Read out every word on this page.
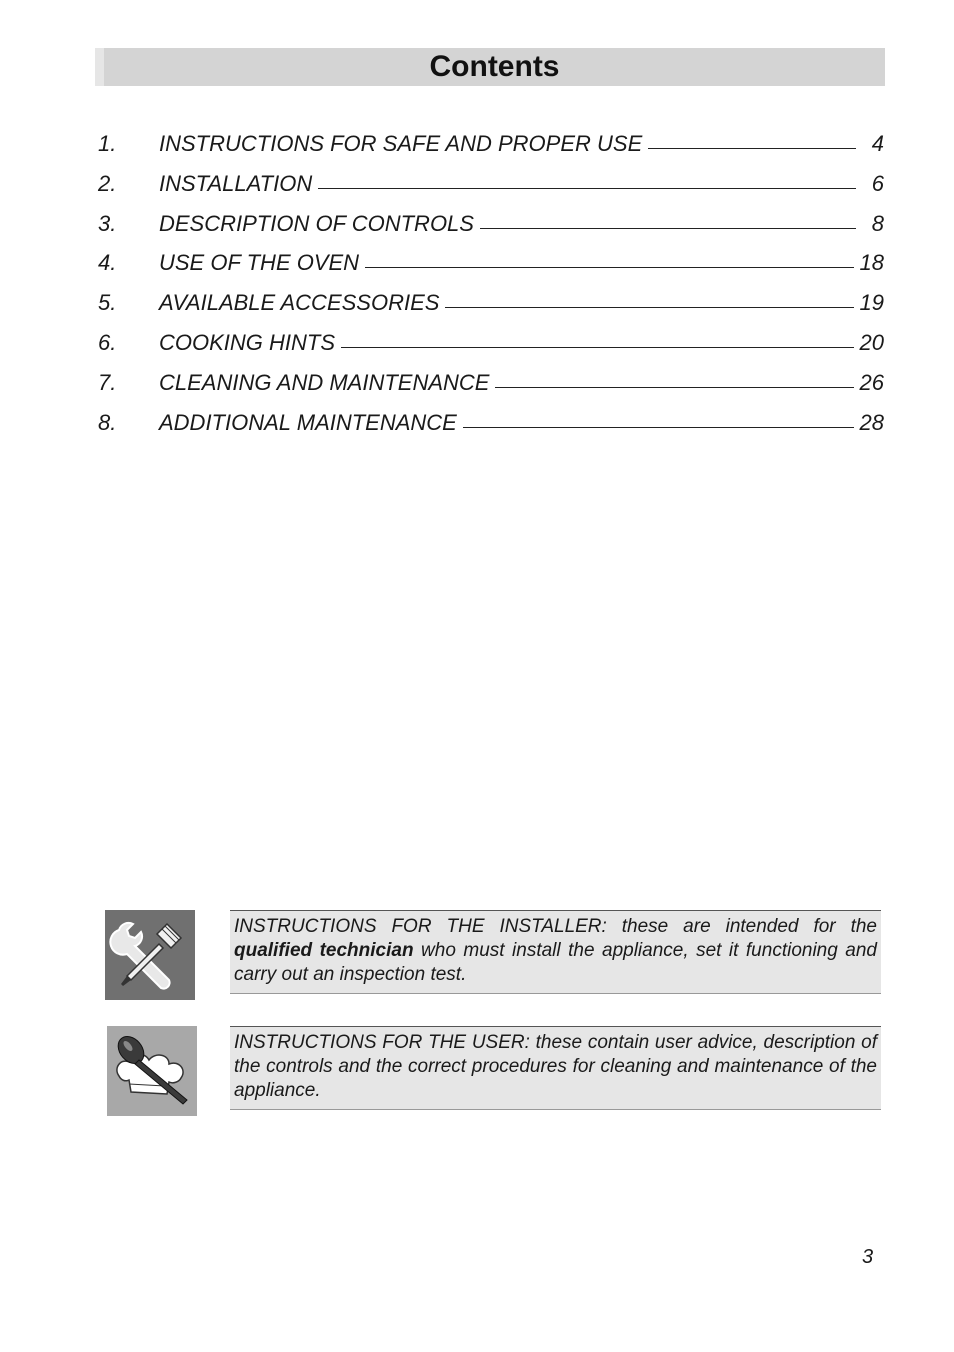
Contents
1.	INSTRUCTIONS FOR SAFE AND PROPER USE	4
2.	INSTALLATION	6
3.	DESCRIPTION OF CONTROLS	8
4.	USE OF THE OVEN	18
5.	AVAILABLE ACCESSORIES	19
6.	COOKING HINTS	20
7.	CLEANING AND MAINTENANCE	26
8.	ADDITIONAL MAINTENANCE	28
INSTRUCTIONS FOR THE INSTALLER: these are intended for the qualified technician who must install the appliance, set it functioning and carry out an inspection test.
INSTRUCTIONS FOR THE USER: these contain user advice, description of the controls and the correct procedures for cleaning and maintenance of the appliance.
3
